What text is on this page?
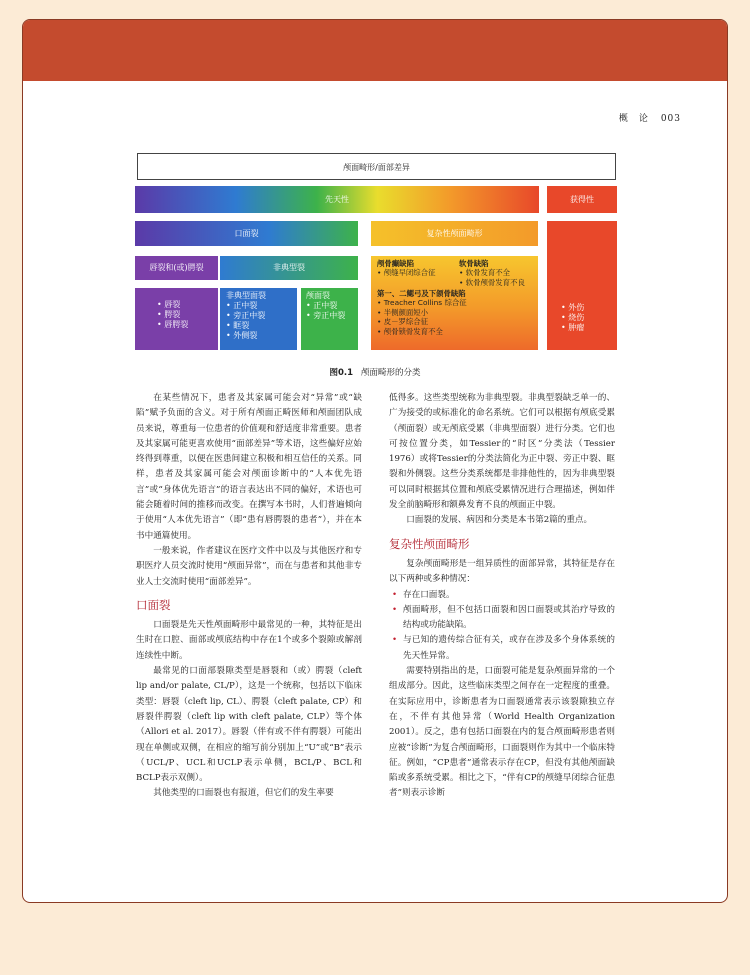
概　论 003
颅面畸形/面部差异
先天性	获得性
口面裂	复杂性颅面畸形
唇裂和(或)腭裂	非典型裂
• 唇裂
• 腭裂
• 唇腭裂
非典型面裂
• 正中裂
• 旁正中裂
• 眶裂
• 外侧裂
颅面裂
• 正中裂
• 旁正中裂
颅骨癫缺陷
• 颅缝早闭综合征
软骨缺陷
• 软骨发育不全
• 软骨颅骨发育不良
第一、二鳃弓及下颌骨缺陷
• Treacher Collins 综合征
• 半侧颜面短小
• 皮－罗综合征
• 颅骨锁骨发育不全
• 外伤
• 烧伤
• 肿瘤
图0.1 颅面畸形的分类

在某些情况下，患者及其家属可能会对“异常”或“缺陷”赋予负面的含义。对于所有颅面正畸医师和颅面团队成员来说，尊重每一位患者的价值观和舒适度非常重要。患者及其家属可能更喜欢使用“面部差异”等术语，这些偏好应始终得到尊重，以便在医患间建立积极和相互信任的关系。同样，患者及其家属可能会对颅面诊断中的“人本优先语言”或“身体优先语言”的语言表达出不同的偏好，术语也可能会随着时间的推移而改变。在撰写本书时，人们普遍倾向于使用“人本优先语言”（即“患有唇腭裂的患者”），并在本书中通篇使用。

一般来说，作者建议在医疗文件中以及与其他医疗和专职医疗人员交流时使用“颅面异常”，而在与患者和其他非专业人士交流时使用“面部差异”。

口面裂

口面裂是先天性颅面畸形中最常见的一种，其特征是出生时在口腔、面部或颅底结构中存在1个或多个裂隙或解剖连续性中断。

最常见的口面部裂隙类型是唇裂和（或）腭裂（cleft lip and/or palate, CL/P），这是一个统称，包括以下临床类型：唇裂（cleft lip, CL）、腭裂（cleft palate, CP）和唇裂伴腭裂（cleft lip with cleft palate, CLP）等个体（Allori et al. 2017）。唇裂（伴有或不伴有腭裂）可能出现在单侧或双侧，在相应的缩写前分别加上“U”或“B”表示（UCL/P、UCL和UCLP表示单侧，BCL/P、BCL和BCLP表示双侧）。

其他类型的口面裂也有报道，但它们的发生率要

低得多。这些类型统称为非典型裂。非典型裂缺乏单一的、广为接受的或标准化的命名系统。它们可以根据有颅底受累（颅面裂）或无颅底受累（非典型面裂）进行分类。它们也可按位置分类，如Tessier的“时区”分类法（Tessier 1976）或将Tessier的分类法简化为正中裂、旁正中裂、眶裂和外侧裂。这些分类系统都是非排他性的，因为非典型裂可以同时根据其位置和颅底受累情况进行合理描述，例如伴发全前脑畸形和额鼻发育不良的颅面正中裂。

口面裂的发展、病因和分类是本书第2篇的重点。

复杂性颅面畸形

复杂颅面畸形是一组异质性的面部异常，其特征是存在以下两种或多种情况：

• 存在口面裂。
• 颅面畸形，但不包括口面裂和因口面裂或其治疗导致的结构或功能缺陷。
• 与已知的遗传综合征有关，或存在涉及多个身体系统的先天性异常。

需要特别指出的是，口面裂可能是复杂颅面异常的一个组成部分。因此，这些临床类型之间存在一定程度的重叠。在实际应用中，诊断患者为口面裂通常表示该裂隙独立存在，不伴有其他异常（World Health Organization 2001）。反之，患有包括口面裂在内的复合颅面畸形患者则应被“诊断”为复合颅面畸形，口面裂则作为其中一个临床特征。例如，“CP患者”通常表示存在CP，但没有其他颅面缺陷或多系统受累。相比之下，“伴有CP的颅缝早闭综合征患者”则表示诊断
